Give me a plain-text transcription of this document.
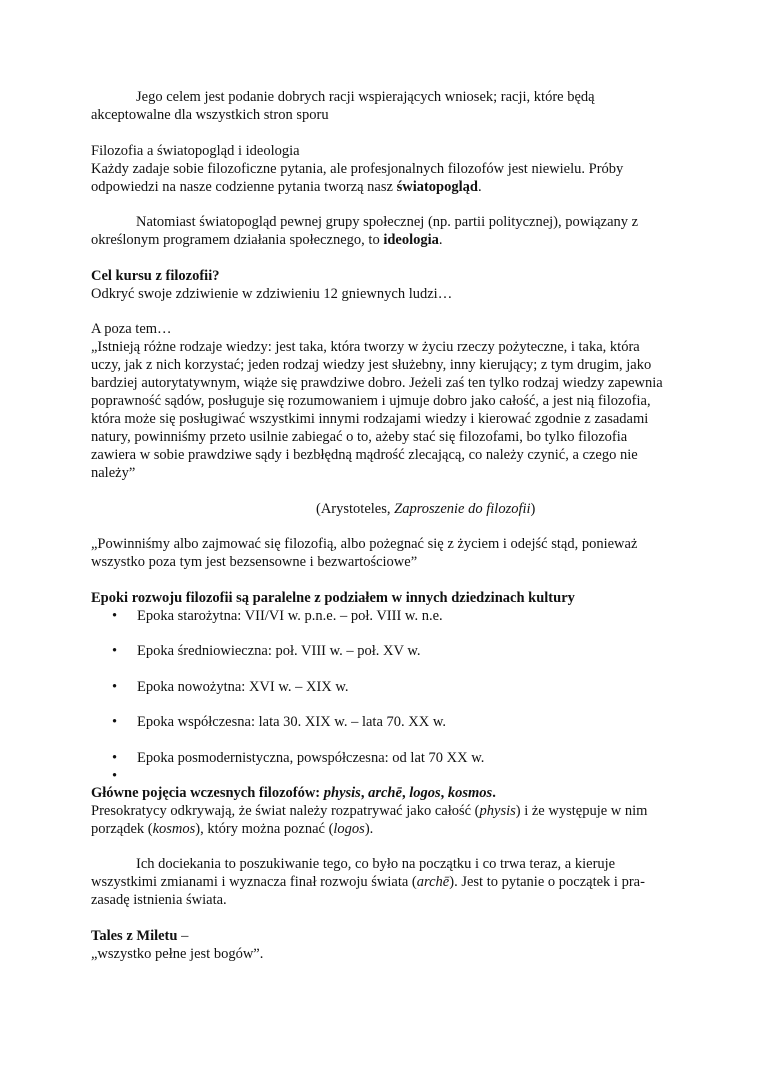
Jego celem jest podanie dobrych racji wspierających wniosek; racji, które będą akceptowalne dla wszystkich stron sporu

Filozofia a światopogląd i ideologia

Każdy zadaje sobie filozoficzne pytania, ale profesjonalnych filozofów jest niewielu. Próby odpowiedzi na nasze codzienne pytania tworzą nasz światopogląd.

Natomiast światopogląd pewnej grupy społecznej (np. partii politycznej), powiązany z określonym programem działania społecznego, to ideologia.

Cel kursu z filozofii?

Odkryć swoje zdziwienie w zdziwieniu 12 gniewnych ludzi…

A poza tem…

„Istnieją różne rodzaje wiedzy: jest taka, która tworzy w życiu rzeczy pożyteczne, i taka, która uczy, jak z nich korzystać; jeden rodzaj wiedzy jest służebny, inny kierujący; z tym drugim, jako bardziej autorytatywnym, wiąże się prawdziwe dobro. Jeżeli zaś ten tylko rodzaj wiedzy zapewnia poprawność sądów, posługuje się rozumowaniem i ujmuje dobro jako całość, a jest nią filozofia, która może się posługiwać wszystkimi innymi rodzajami wiedzy i kierować zgodnie z zasadami natury, powinniśmy przeto usilnie zabiegać o to, ażeby stać się filozofami, bo tylko filozofia zawiera w sobie prawdziwe sądy i bezbłędną mądrość zlecającą, co należy czynić, a czego nie należy”

(Arystoteles, Zaproszenie do filozofii)

„Powinniśmy albo zajmować się filozofią, albo pożegnać się z życiem i odejść stąd, ponieważ wszystko poza tym jest bezsensowne i bezwartościowe”

Epoki rozwoju filozofii są paralelne z podziałem w innych dziedzinach kultury

• Epoka starożytna: VII/VI w. p.n.e. – poł. VIII w. n.e.
• Epoka średniowieczna: poł. VIII w. – poł. XV w.
• Epoka nowożytna: XVI w. – XIX w.
• Epoka współczesna: lata 30. XIX w. – lata 70. XX w.
• Epoka posmodernistyczna, powspółczesna: od lat 70 XX w.
•

Główne pojęcia wczesnych filozofów: physis, archē, logos, kosmos.

Presokratycy odkrywają, że świat należy rozpatrywać jako całość (physis) i że występuje w nim porządek (kosmos), który można poznać (logos).

Ich dociekania to poszukiwanie tego, co było na początku i co trwa teraz, a kieruje wszystkimi zmianami i wyznacza finał rozwoju świata (archē). Jest to pytanie o początek i pra-zasadę istnienia świata.

Tales z Miletu –

„wszystko pełne jest bogów”.
